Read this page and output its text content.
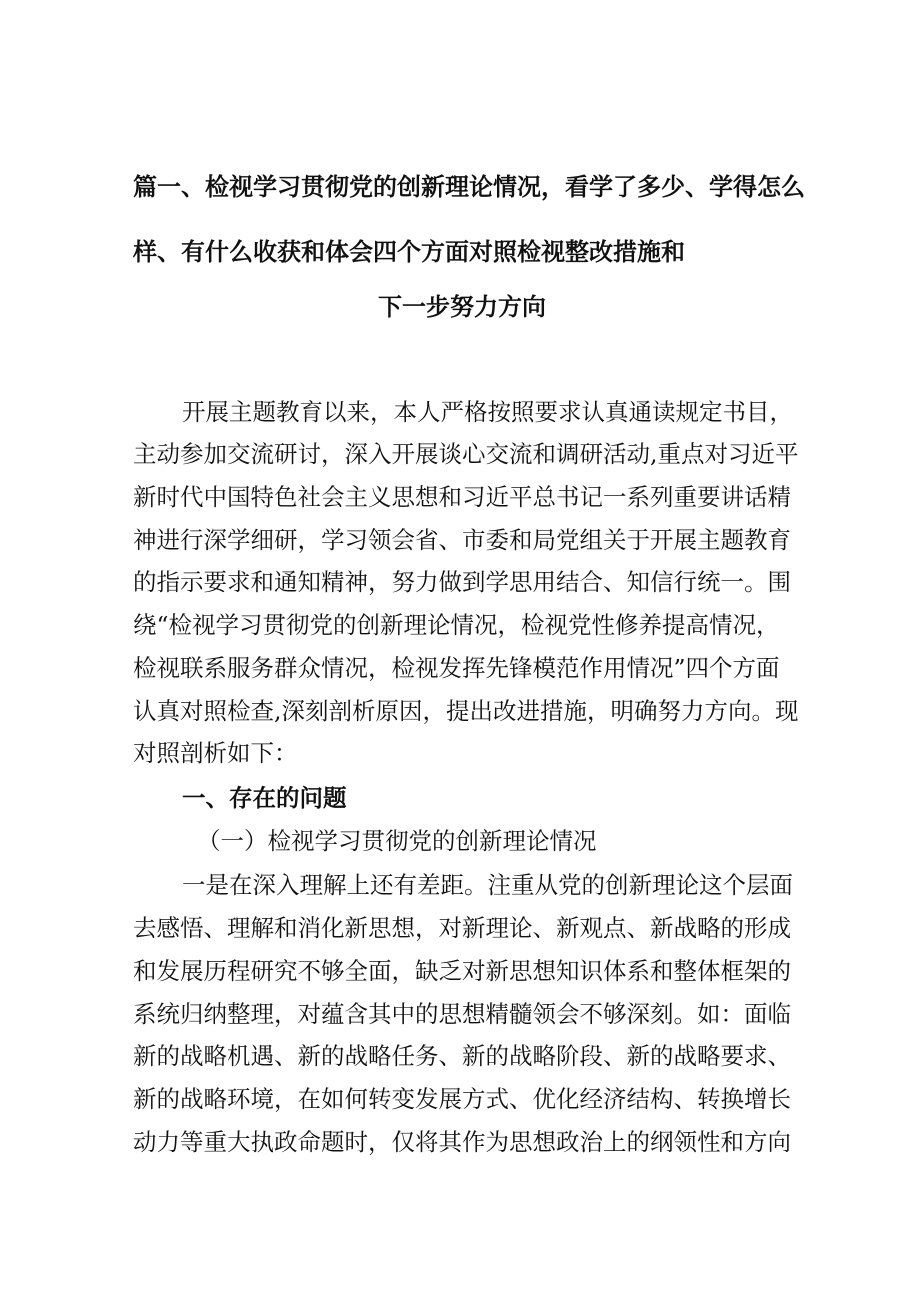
篇一、检视学习贯彻党的创新理论情况，看学了多少、学得怎么
样、有什么收获和体会四个方面对照检视整改措施和
下一步努力方向
开展主题教育以来，本人严格按照要求认真通读规定书目，
主动参加交流研讨，深入开展谈心交流和调研活动,重点对习近平
新时代中国特色社会主义思想和习近平总书记一系列重要讲话精
神进行深学细研，学习领会省、市委和局党组关于开展主题教育
的指示要求和通知精神，努力做到学思用结合、知信行统一。围
绕“检视学习贯彻党的创新理论情况，检视党性修养提高情况，
检视联系服务群众情况，检视发挥先锋模范作用情况”四个方面
认真对照检查,深刻剖析原因，提出改进措施，明确努力方向。现
对照剖析如下：
一、存在的问题
（一）检视学习贯彻党的创新理论情况
一是在深入理解上还有差距。注重从党的创新理论这个层面
去感悟、理解和消化新思想，对新理论、新观点、新战略的形成
和发展历程研究不够全面，缺乏对新思想知识体系和整体框架的
系统归纳整理，对蕴含其中的思想精髓领会不够深刻。如：面临
新的战略机遇、新的战略任务、新的战略阶段、新的战略要求、
新的战略环境，在如何转变发展方式、优化经济结构、转换增长
动力等重大执政命题时，仅将其作为思想政治上的纲领性和方向
